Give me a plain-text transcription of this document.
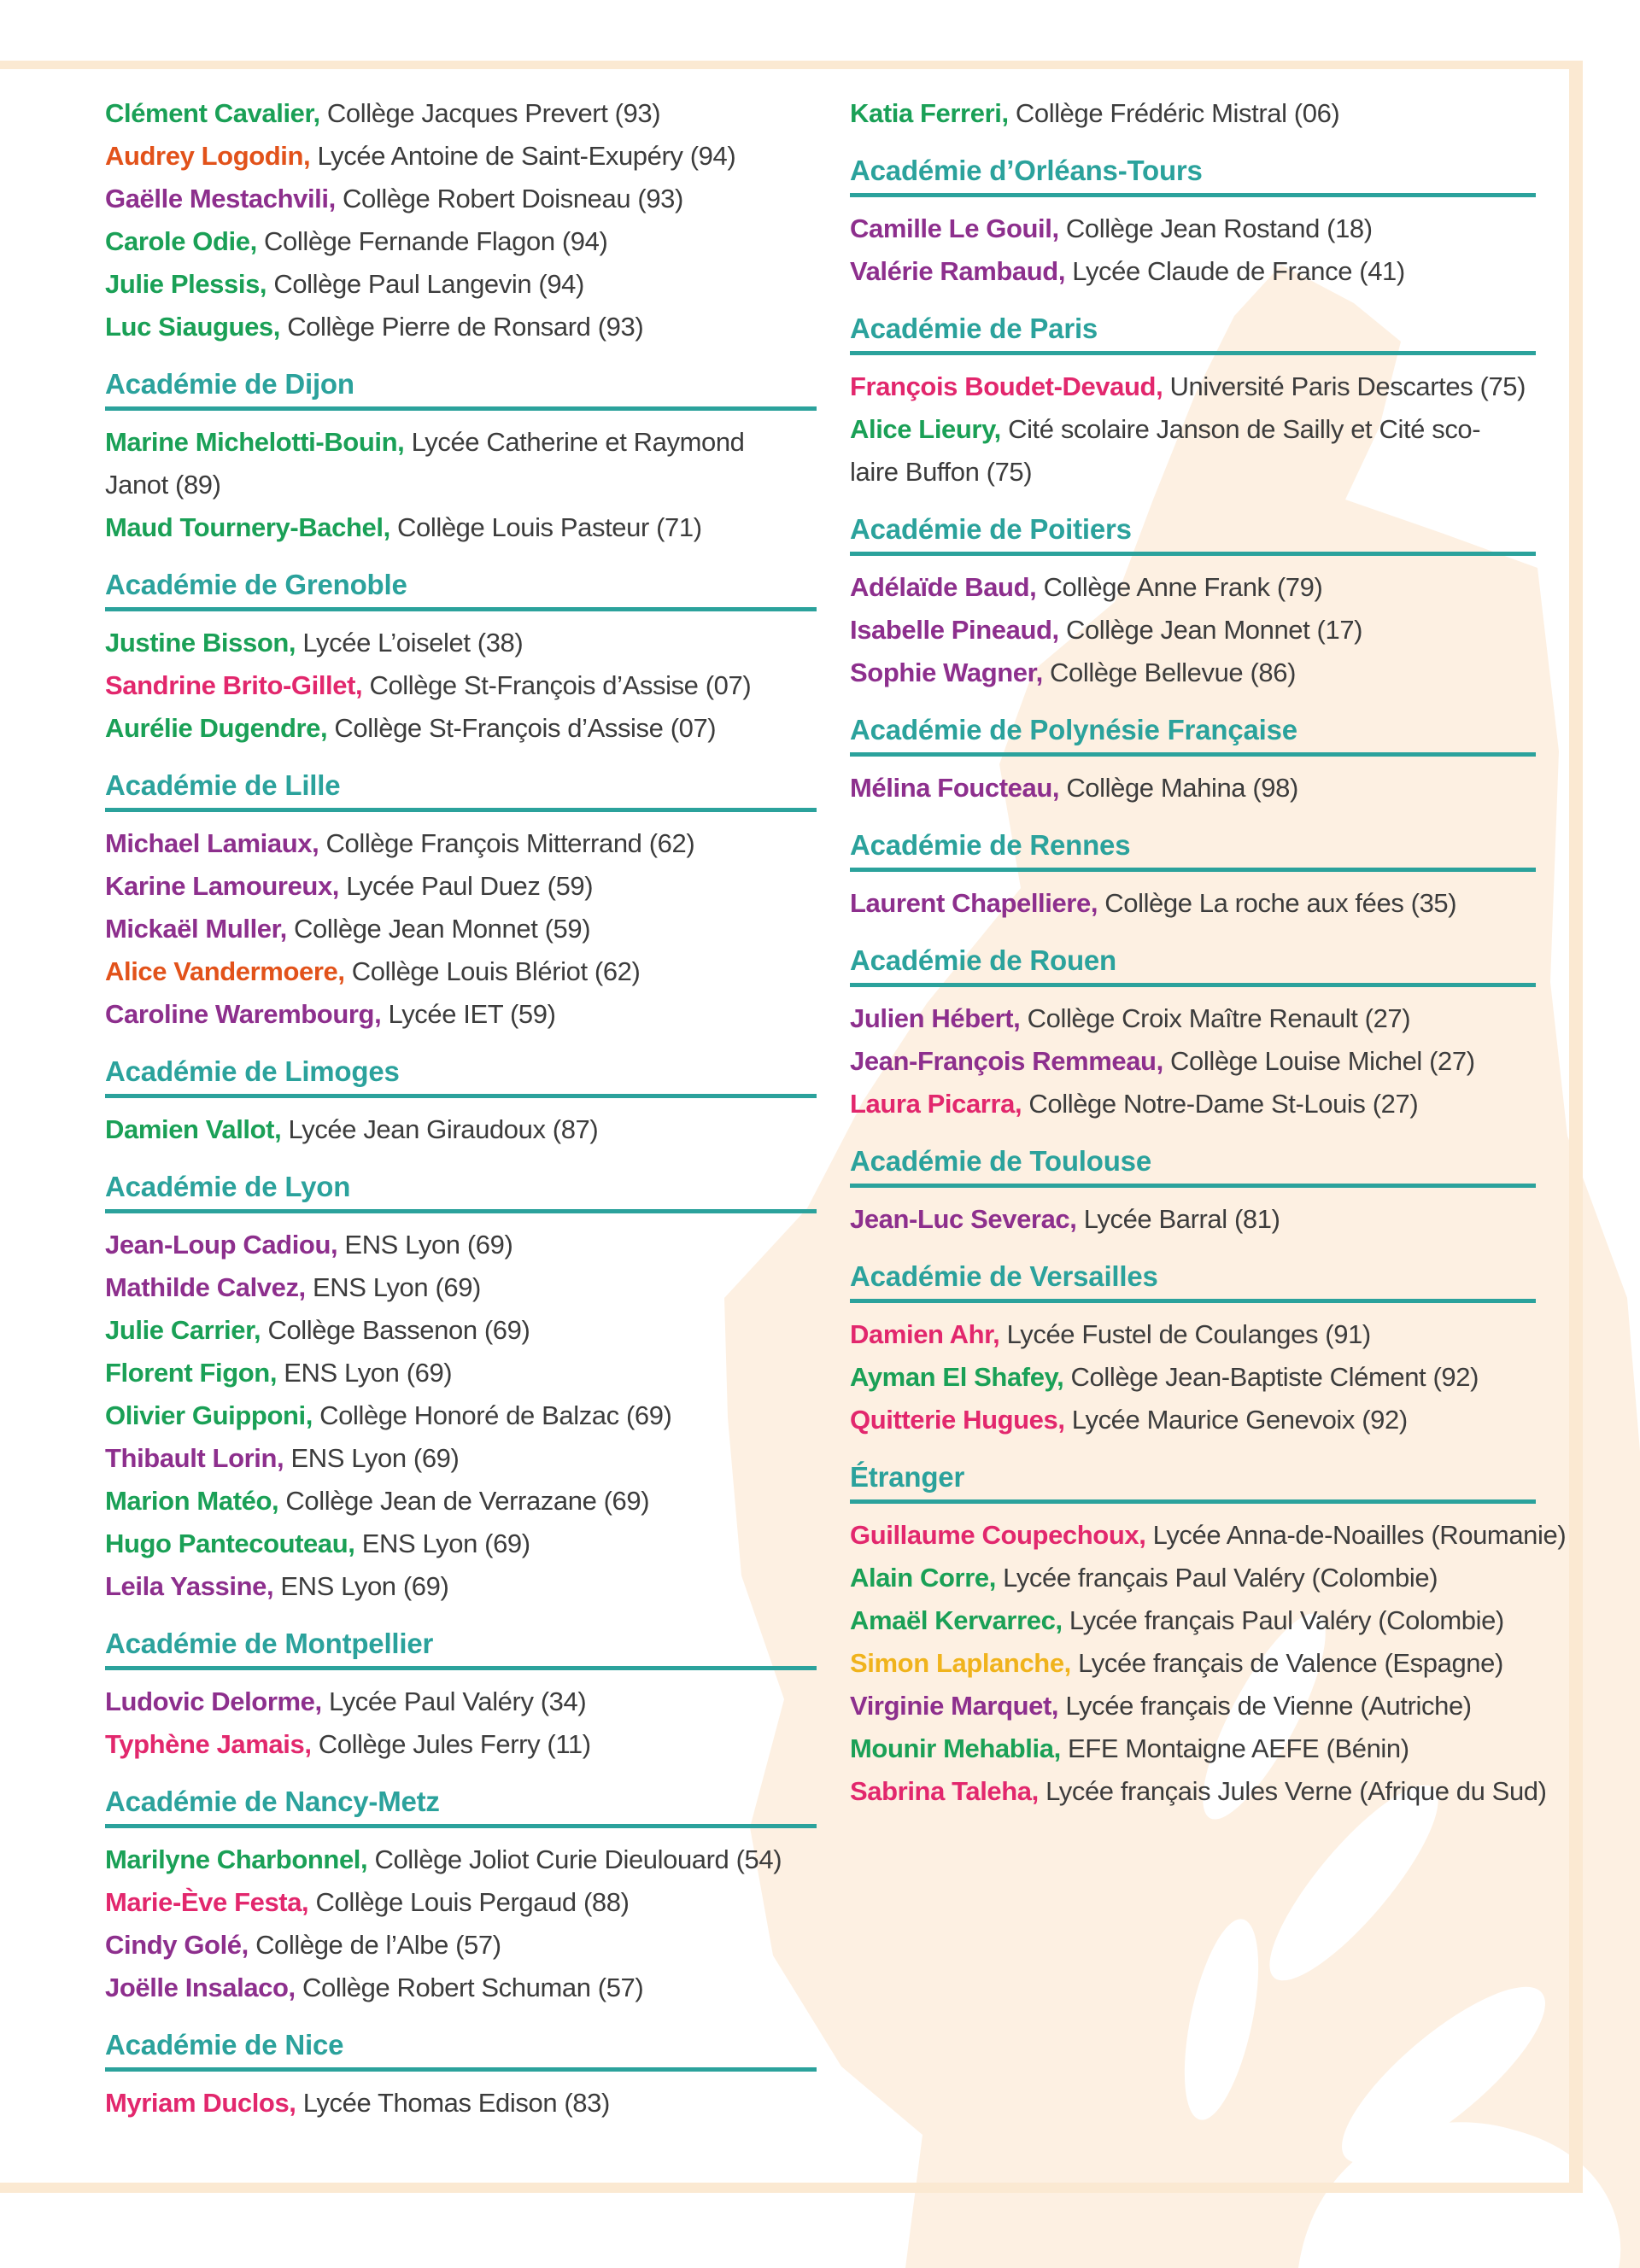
Clément Cavalier, Collège Jacques Prevert (93)
Audrey Logodin, Lycée Antoine de Saint-Exupéry (94)
Gaëlle Mestachvili, Collège Robert Doisneau (93)
Carole Odie, Collège Fernande Flagon (94)
Julie Plessis, Collège Paul Langevin (94)
Luc Siaugues, Collège Pierre de Ronsard (93)
Académie de Dijon
Marine Michelotti-Bouin, Lycée Catherine et Raymond
Janot (89)
Maud Tournery-Bachel, Collège Louis Pasteur (71)
Académie de Grenoble
Justine Bisson, Lycée L’oiselet (38)
Sandrine Brito-Gillet, Collège St-François d’Assise (07)
Aurélie Dugendre, Collège St-François d’Assise (07)
Académie de Lille
Michael Lamiaux, Collège François Mitterrand (62)
Karine Lamoureux, Lycée Paul Duez (59)
Mickaël Muller, Collège Jean Monnet (59)
Alice Vandermoere, Collège Louis Blériot (62)
Caroline Warembourg, Lycée IET (59)
Académie de Limoges
Damien Vallot, Lycée Jean Giraudoux (87)
Académie de Lyon
Jean-Loup Cadiou, ENS Lyon (69)
Mathilde Calvez, ENS Lyon (69)
Julie Carrier, Collège Bassenon (69)
Florent Figon, ENS Lyon (69)
Olivier Guipponi, Collège Honoré de Balzac (69)
Thibault Lorin, ENS Lyon (69)
Marion Matéo, Collège Jean de Verrazane (69)
Hugo Pantecouteau, ENS Lyon (69)
Leila Yassine, ENS Lyon (69)
Académie de Montpellier
Ludovic Delorme, Lycée Paul Valéry (34)
Typhène Jamais, Collège Jules Ferry (11)
Académie de Nancy-Metz
Marilyne Charbonnel, Collège Joliot Curie Dieulouard (54)
Marie-Ève Festa, Collège Louis Pergaud (88)
Cindy Golé, Collège de l’Albe (57)
Joëlle Insalaco, Collège Robert Schuman (57)
Académie de Nice
Myriam Duclos, Lycée Thomas Edison (83)
Katia Ferreri, Collège Frédéric Mistral (06)
Académie d’Orléans-Tours
Camille Le Gouil, Collège Jean Rostand (18)
Valérie Rambaud, Lycée Claude de France (41)
Académie de Paris
François Boudet-Devaud, Université Paris Descartes (75)
Alice Lieury, Cité scolaire Janson de Sailly et Cité sco-
laire Buffon (75)
Académie de Poitiers
Adélaïde Baud, Collège Anne Frank (79)
Isabelle Pineaud, Collège Jean Monnet (17)
Sophie Wagner, Collège Bellevue (86)
Académie de Polynésie Française
Mélina Foucteau, Collège Mahina (98)
Académie de Rennes
Laurent Chapelliere, Collège La roche aux fées (35)
Académie de Rouen
Julien Hébert, Collège Croix Maître Renault (27)
Jean-François Remmeau, Collège Louise Michel (27)
Laura Picarra, Collège Notre-Dame St-Louis (27)
Académie de Toulouse
Jean-Luc Severac, Lycée Barral (81)
Académie de Versailles
Damien Ahr, Lycée Fustel de Coulanges (91)
Ayman El Shafey, Collège Jean-Baptiste Clément (92)
Quitterie Hugues, Lycée Maurice Genevoix (92)
Étranger
Guillaume Coupechoux, Lycée Anna-de-Noailles (Roumanie)
Alain Corre, Lycée français Paul Valéry (Colombie)
Amaël Kervarrec, Lycée français Paul Valéry (Colombie)
Simon Laplanche, Lycée français de Valence (Espagne)
Virginie Marquet, Lycée français de Vienne (Autriche)
Mounir Mehablia, EFE Montaigne AEFE (Bénin)
Sabrina Taleha, Lycée français Jules Verne (Afrique du Sud)
